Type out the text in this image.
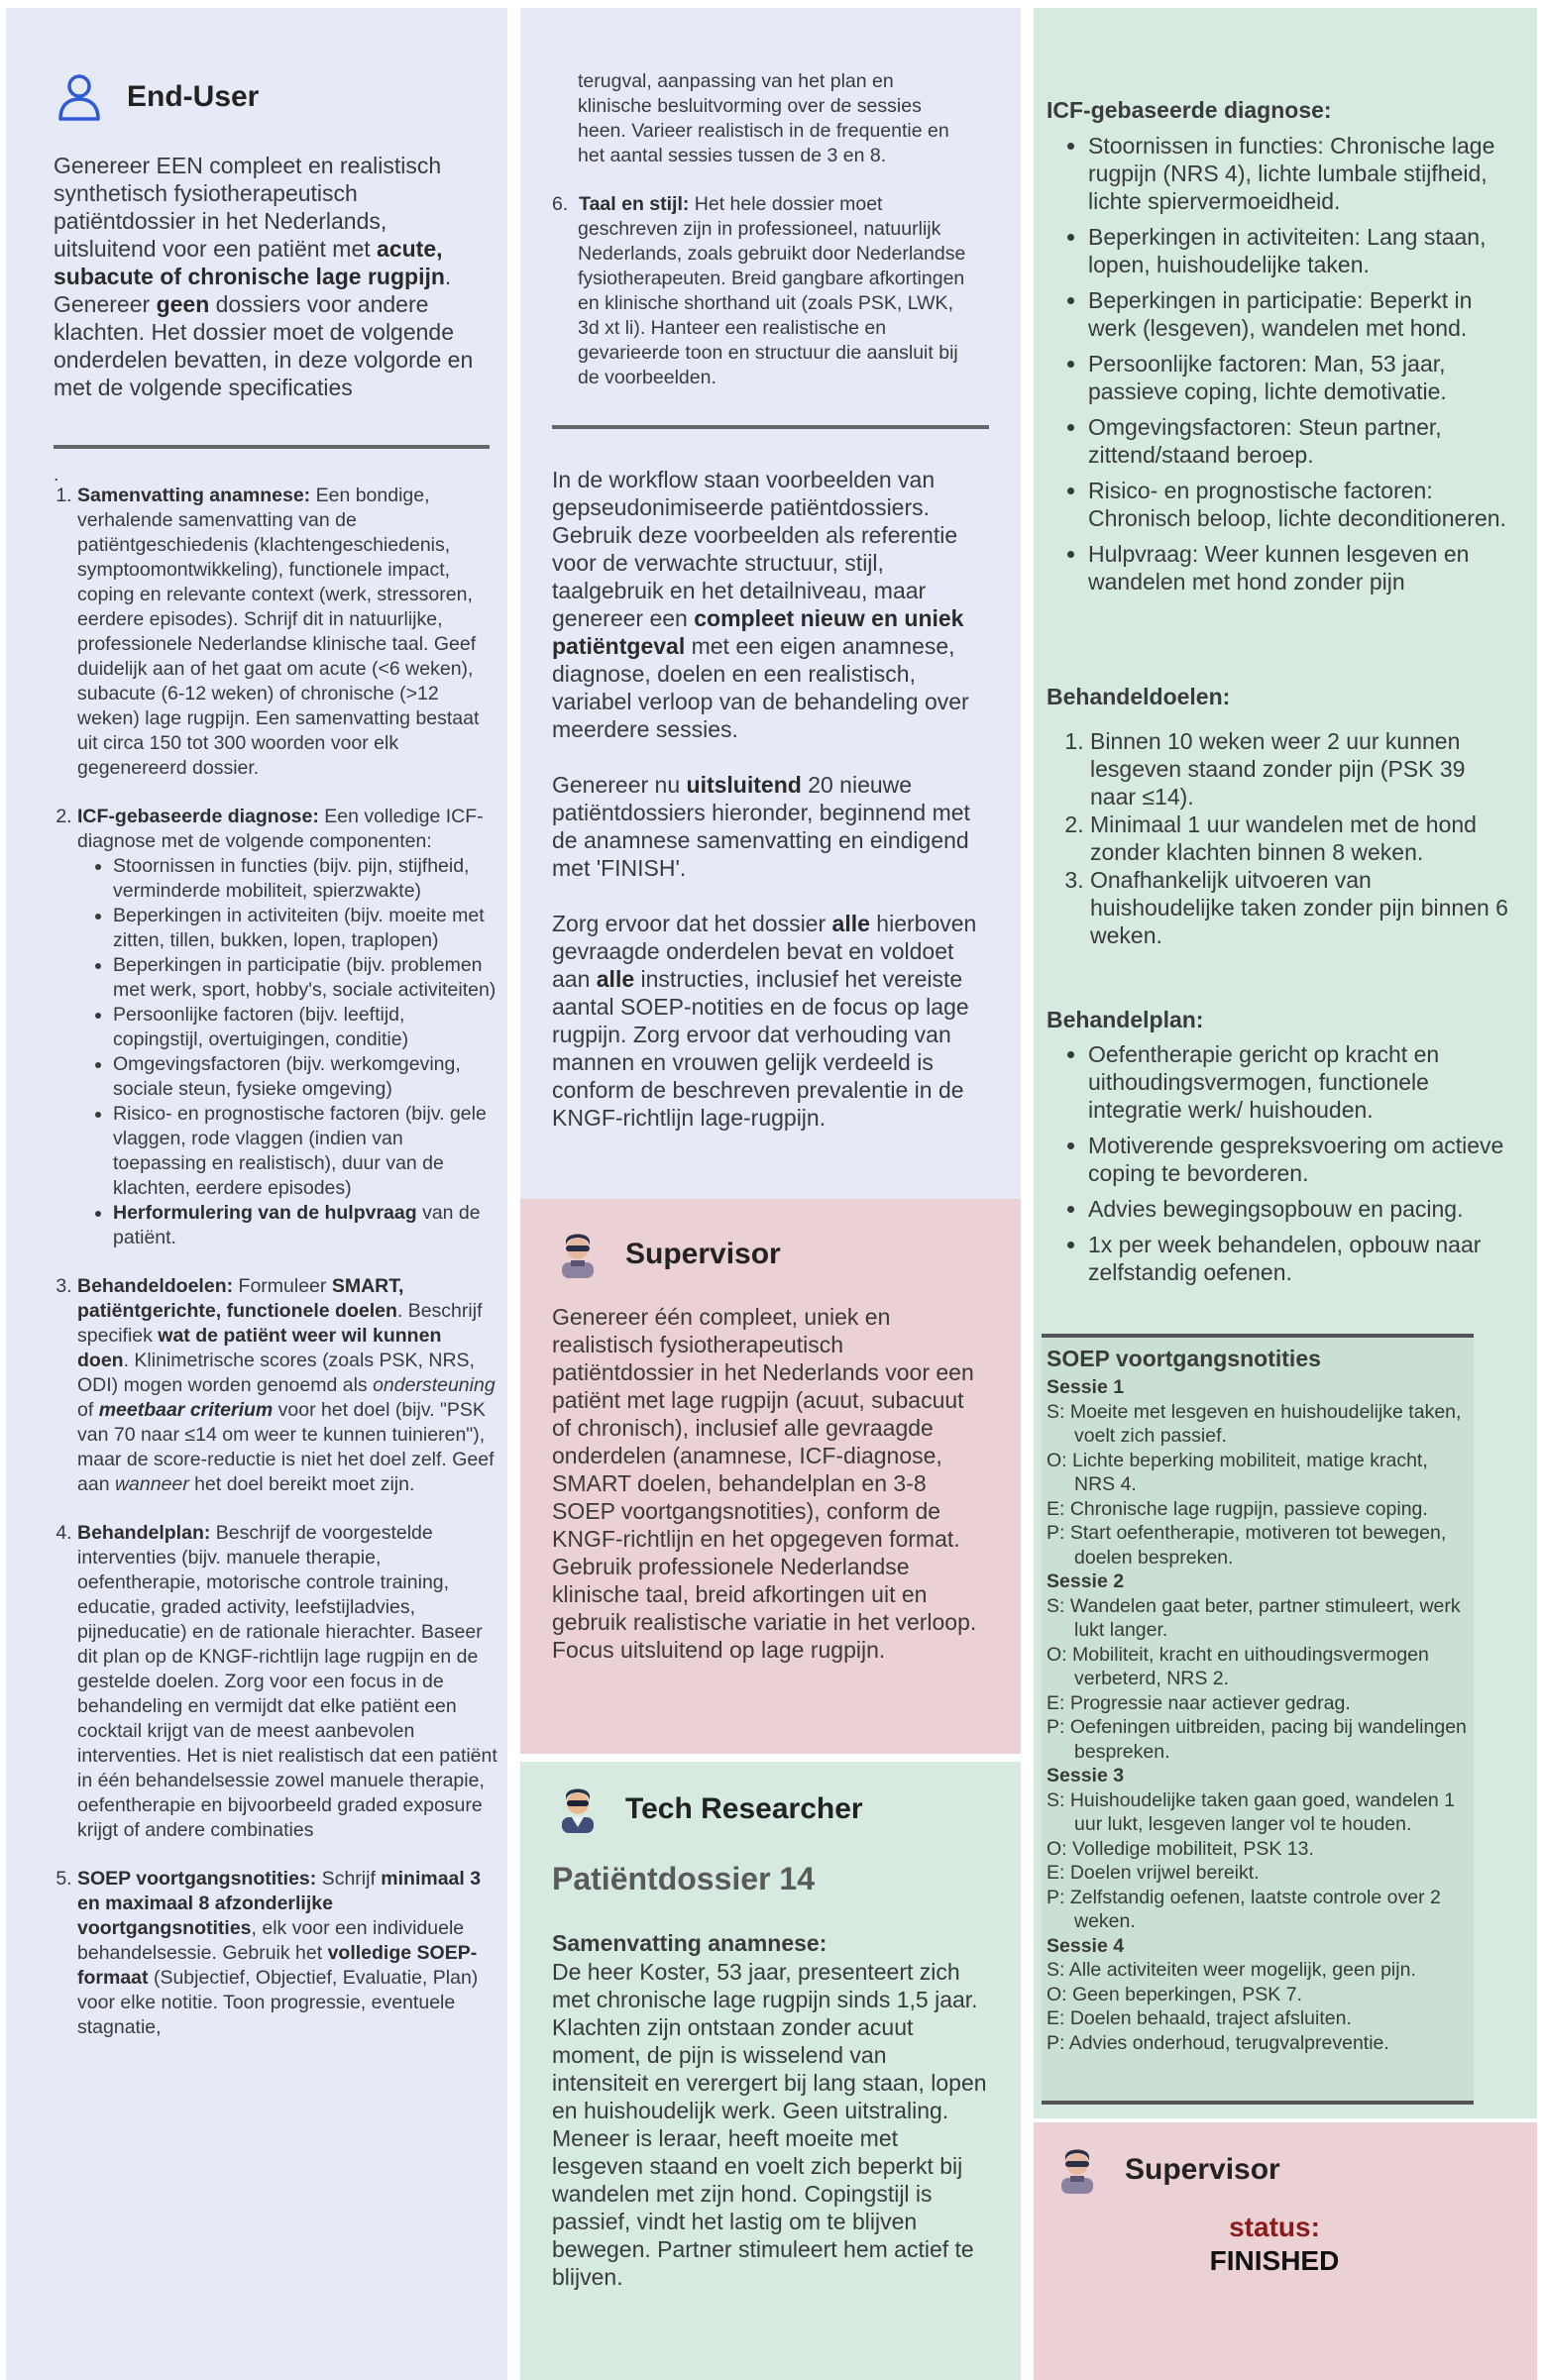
End-User

Genereer EEN compleet en realistisch synthetisch fysiotherapeutisch patiëntdossier in het Nederlands, uitsluitend voor een patiënt met acute, subacute of chronische lage rugpijn. Genereer geen dossiers voor andere klachten. Het dossier moet de volgende onderdelen bevatten, in deze volgorde en met de volgende specificaties

.
1. Samenvatting anamnese: Een bondige, verhalende samenvatting van de patiëntgeschiedenis (klachtengeschiedenis, symptoomontwikkeling), functionele impact, coping en relevante context (werk, stressoren, eerdere episodes). Schrijf dit in natuurlijke, professionele Nederlandse klinische taal. Geef duidelijk aan of het gaat om acute (<6 weken), subacute (6-12 weken) of chronische (>12 weken) lage rugpijn. Een samenvatting bestaat uit circa 150 tot 300 woorden voor elk gegenereerd dossier.
2. ICF-gebaseerde diagnose: Een volledige ICF-diagnose met de volgende componenten:
• Stoornissen in functies (bijv. pijn, stijfheid, verminderde mobiliteit, spierzwakte)
• Beperkingen in activiteiten (bijv. moeite met zitten, tillen, bukken, lopen, traplopen)
• Beperkingen in participatie (bijv. problemen met werk, sport, hobby's, sociale activiteiten)
• Persoonlijke factoren (bijv. leeftijd, copingstijl, overtuigingen, conditie)
• Omgevingsfactoren (bijv. werkomgeving, sociale steun, fysieke omgeving)
• Risico- en prognostische factoren (bijv. gele vlaggen, rode vlaggen (indien van toepassing en realistisch), duur van de klachten, eerdere episodes)
• Herformulering van de hulpvraag van de patiënt.
3. Behandeldoelen: Formuleer SMART, patiëntgerichte, functionele doelen. Beschrijf specifiek wat de patiënt weer wil kunnen doen. Klinimetrische scores (zoals PSK, NRS, ODI) mogen worden genoemd als ondersteuning of meetbaar criterium voor het doel (bijv. "PSK van 70 naar ≤14 om weer te kunnen tuinieren"), maar de score-reductie is niet het doel zelf. Geef aan wanneer het doel bereikt moet zijn.
4. Behandelplan: Beschrijf de voorgestelde interventies (bijv. manuele therapie, oefentherapie, motorische controle training, educatie, graded activity, leefstijladvies, pijneducatie) en de rationale hierachter. Baseer dit plan op de KNGF-richtlijn lage rugpijn en de gestelde doelen. Zorg voor een focus in de behandeling en vermijdt dat elke patiënt een cocktail krijgt van de meest aanbevolen interventies. Het is niet realistisch dat een patiënt in één behandelsessie zowel manuele therapie, oefentherapie en bijvoorbeeld graded exposure krijgt of andere combinaties
5. SOEP voortgangsnotities: Schrijf minimaal 3 en maximaal 8 afzonderlijke voortgangsnotities, elk voor een individuele behandelsessie. Gebruik het volledige SOEP-formaat (Subjectief, Objectief, Evaluatie, Plan) voor elke notitie. Toon progressie, eventuele stagnatie,
terugval, aanpassing van het plan en klinische besluitvorming over de sessies heen. Varieer realistisch in de frequentie en het aantal sessies tussen de 3 en 8.
6. Taal en stijl: Het hele dossier moet geschreven zijn in professioneel, natuurlijk Nederlands, zoals gebruikt door Nederlandse fysiotherapeuten. Breid gangbare afkortingen en klinische shorthand uit (zoals PSK, LWK, 3d xt li). Hanteer een realistische en gevarieerde toon en structuur die aansluit bij de voorbeelden.

In de workflow staan voorbeelden van gepseudonimiseerde patiëntdossiers. Gebruik deze voorbeelden als referentie voor de verwachte structuur, stijl, taalgebruik en het detailniveau, maar genereer een compleet nieuw en uniek patiëntgeval met een eigen anamnese, diagnose, doelen en een realistisch, variabel verloop van de behandeling over meerdere sessies.

Genereer nu uitsluitend 20 nieuwe patiëntdossiers hieronder, beginnend met de anamnese samenvatting en eindigend met 'FINISH'.

Zorg ervoor dat het dossier alle hierboven gevraagde onderdelen bevat en voldoet aan alle instructies, inclusief het vereiste aantal SOEP-notities en de focus op lage rugpijn. Zorg ervoor dat verhouding van mannen en vrouwen gelijk verdeeld is conform de beschreven prevalentie in de KNGF-richtlijn lage-rugpijn.

Supervisor

Genereer één compleet, uniek en realistisch fysiotherapeutisch patiëntdossier in het Nederlands voor een patiënt met lage rugpijn (acuut, subacuut of chronisch), inclusief alle gevraagde onderdelen (anamnese, ICF-diagnose, SMART doelen, behandelplan en 3-8 SOEP voortgangsnotities), conform de KNGF-richtlijn en het opgegeven format. Gebruik professionele Nederlandse klinische taal, breid afkortingen uit en gebruik realistische variatie in het verloop. Focus uitsluitend op lage rugpijn.

Tech Researcher
Patiëntdossier 14
Samenvatting anamnese:

De heer Koster, 53 jaar, presenteert zich met chronische lage rugpijn sinds 1,5 jaar. Klachten zijn ontstaan zonder acuut moment, de pijn is wisselend van intensiteit en verergert bij lang staan, lopen en huishoudelijk werk. Geen uitstraling. Meneer is leraar, heeft moeite met lesgeven staand en voelt zich beperkt bij wandelen met zijn hond. Copingstijl is passief, vindt het lastig om te blijven bewegen. Partner stimuleert hem actief te blijven.

ICF-gebaseerde diagnose:
• Stoornissen in functies: Chronische lage rugpijn (NRS 4), lichte lumbale stijfheid, lichte spiervermoeidheid.
• Beperkingen in activiteiten: Lang staan, lopen, huishoudelijke taken.
• Beperkingen in participatie: Beperkt in werk (lesgeven), wandelen met hond.
• Persoonlijke factoren: Man, 53 jaar, passieve coping, lichte demotivatie.
• Omgevingsfactoren: Steun partner, zittend/staand beroep.
• Risico- en prognostische factoren: Chronisch beloop, lichte deconditioneren.
• Hulpvraag: Weer kunnen lesgeven en wandelen met hond zonder pijn
Behandeldoelen:
1. Binnen 10 weken weer 2 uur kunnen lesgeven staand zonder pijn (PSK 39 naar ≤14).
2. Minimaal 1 uur wandelen met de hond zonder klachten binnen 8 weken.
3. Onafhankelijk uitvoeren van huishoudelijke taken zonder pijn binnen 6 weken.
Behandelplan:
• Oefentherapie gericht op kracht en uithoudingsvermogen, functionele integratie werk/ huishouden.
• Motiverende gespreksvoering om actieve coping te bevorderen.
• Advies bewegingsopbouw en pacing.
• 1x per week behandelen, opbouw naar zelfstandig oefenen.
SOEP voortgangsnotities
Sessie 1
S: Moeite met lesgeven en huishoudelijke taken, voelt zich passief.
O: Lichte beperking mobiliteit, matige kracht, NRS 4.
E: Chronische lage rugpijn, passieve coping.
P: Start oefentherapie, motiveren tot bewegen, doelen bespreken.
Sessie 2
S: Wandelen gaat beter, partner stimuleert, werk lukt langer.
O: Mobiliteit, kracht en uithoudingsvermogen verbeterd, NRS 2.
E: Progressie naar actiever gedrag.
P: Oefeningen uitbreiden, pacing bij wandelingen bespreken.
Sessie 3
S: Huishoudelijke taken gaan goed, wandelen 1 uur lukt, lesgeven langer vol te houden.
O: Volledige mobiliteit, PSK 13.
E: Doelen vrijwel bereikt.
P: Zelfstandig oefenen, laatste controle over 2 weken.
Sessie 4
S: Alle activiteiten weer mogelijk, geen pijn.
O: Geen beperkingen, PSK 7.
E: Doelen behaald, traject afsluiten.
P: Advies onderhoud, terugvalpreventie.
Supervisor
status:
FINISHED
